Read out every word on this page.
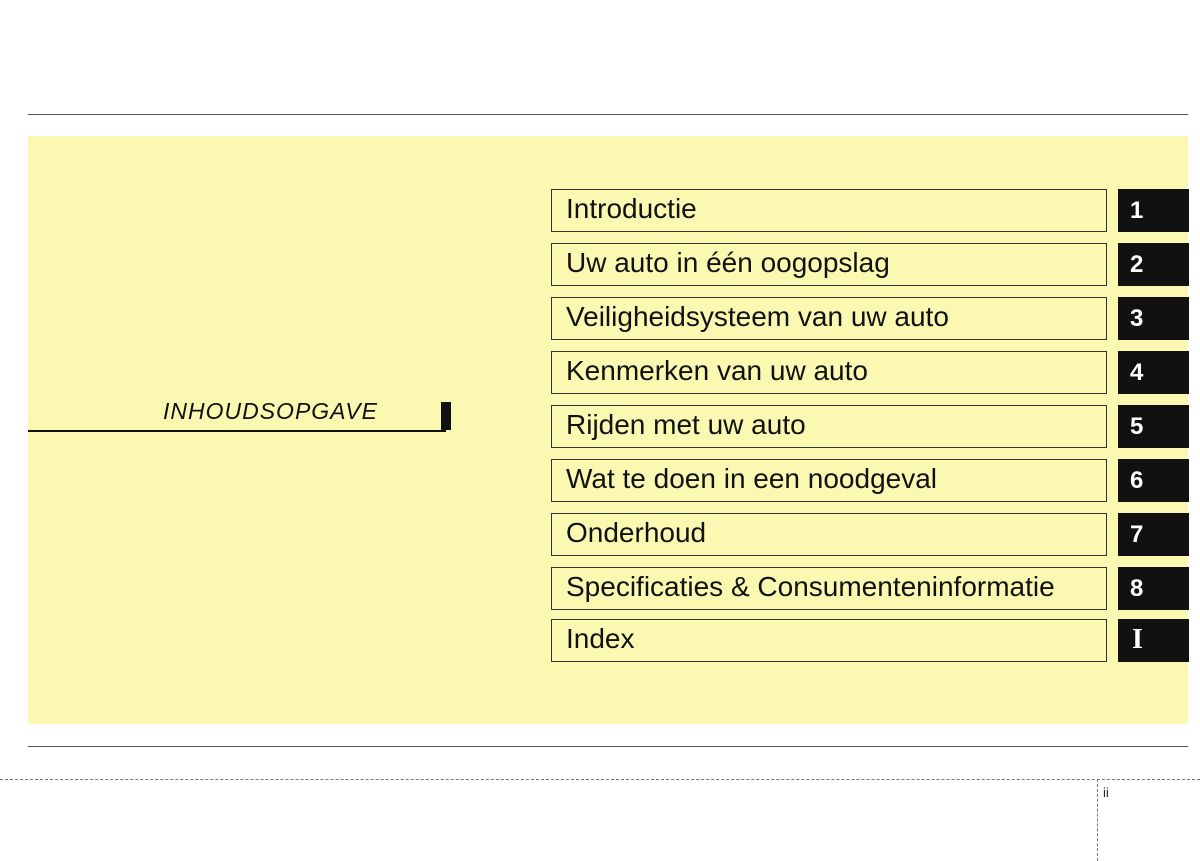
ii
INHOUDSOPGAVE
Introductie	1
Uw auto in één oogopslag	2
Veiligheidsysteem van uw auto	3
Kenmerken van uw auto	4
Rijden met uw auto	5
Wat te doen in een noodgeval	6
Onderhoud	7
Specificaties & Consumenteninformatie	8
Index	I
